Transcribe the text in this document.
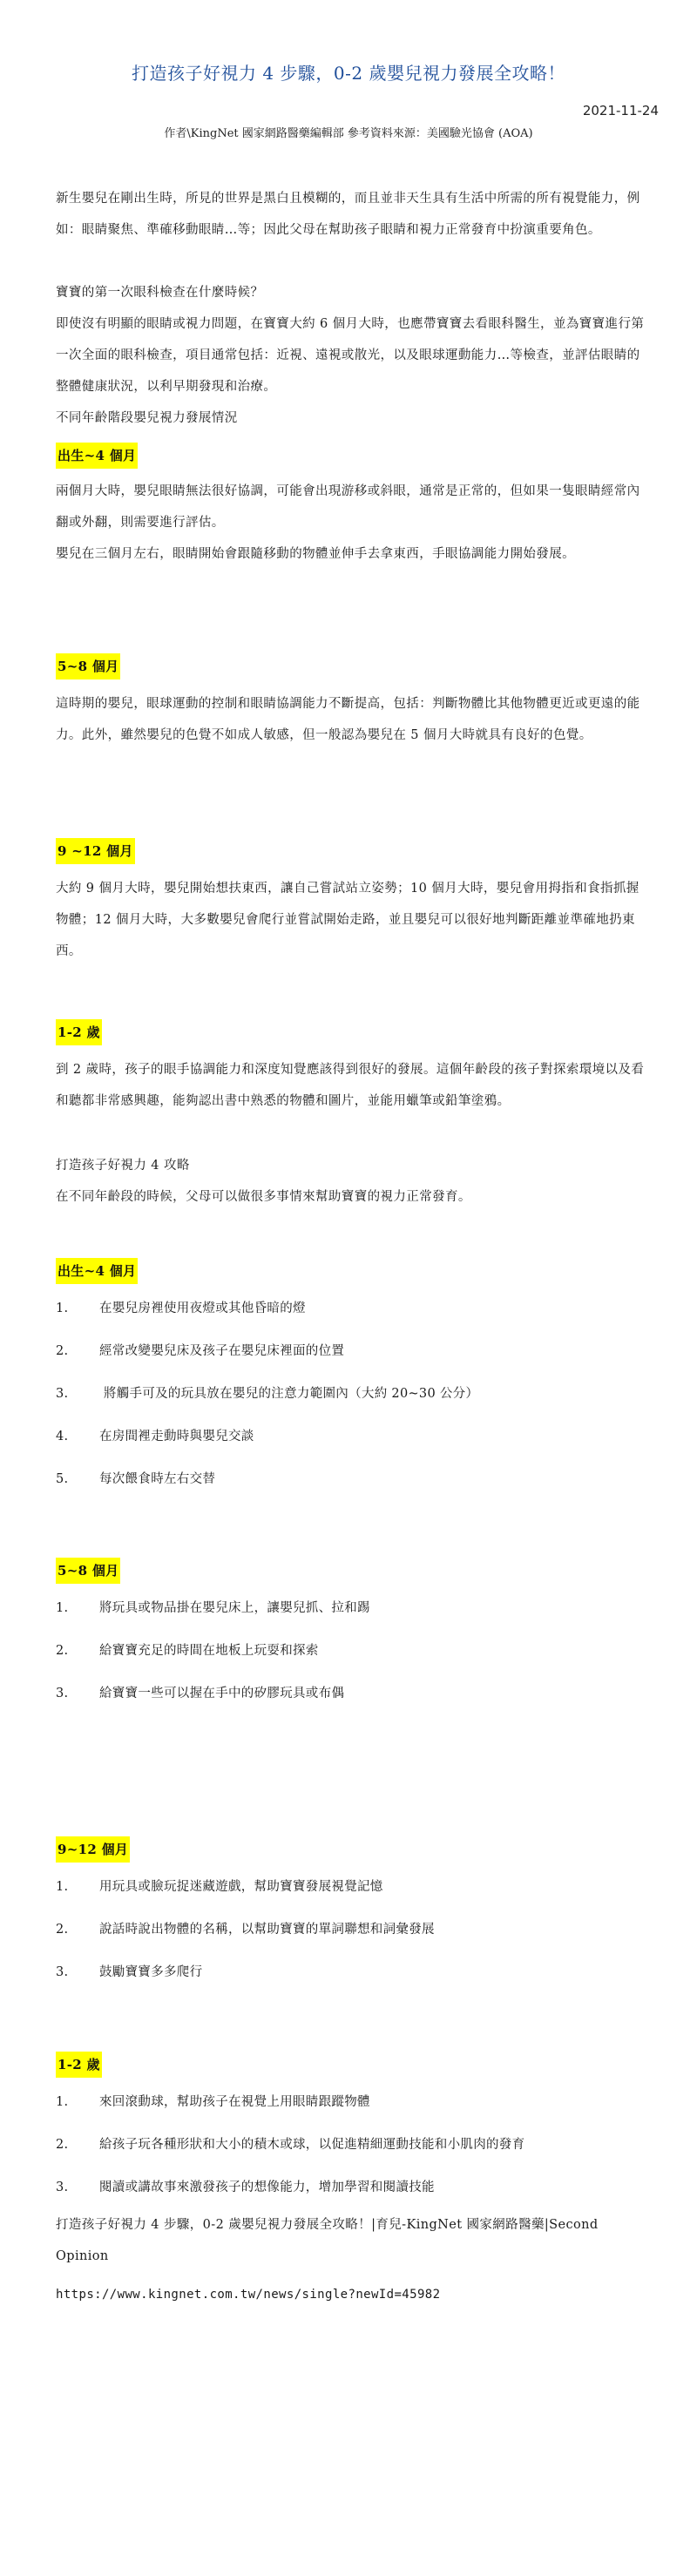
打造孩子好視力 4 步驟，0-2 歲嬰兒視力發展全攻略！
2021-11-24
作者\KingNet 國家網路醫藥編輯部 參考資料來源：美國驗光協會 (AOA)
新生嬰兒在剛出生時，所見的世界是黑白且模糊的，而且並非天生具有生活中所需的所有視覺能力，例如：眼睛聚焦、準確移動眼睛…等；因此父母在幫助孩子眼睛和視力正常發育中扮演重要角色。
寶寶的第一次眼科檢查在什麼時候？
即使沒有明顯的眼睛或視力問題，在寶寶大約 6 個月大時，也應帶寶寶去看眼科醫生，並為寶寶進行第一次全面的眼科檢查，項目通常包括：近視、遠視或散光，以及眼球運動能力…等檢查，並評估眼睛的整體健康狀況，以利早期發現和治療。
不同年齡階段嬰兒視力發展情況
出生~4 個月
兩個月大時，嬰兒眼睛無法很好協調，可能會出現游移或斜眼，通常是正常的，但如果一隻眼睛經常內翻或外翻，則需要進行評估。
嬰兒在三個月左右，眼睛開始會跟隨移動的物體並伸手去拿東西，手眼協調能力開始發展。
5~8 個月
這時期的嬰兒，眼球運動的控制和眼睛協調能力不斷提高，包括：判斷物體比其他物體更近或更遠的能力。此外，雖然嬰兒的色覺不如成人敏感，但一般認為嬰兒在 5 個月大時就具有良好的色覺。
9 ~12 個月
大約 9 個月大時，嬰兒開始想扶東西，讓自己嘗試站立姿勢；10 個月大時，嬰兒會用拇指和食指抓握物體；12 個月大時，大多數嬰兒會爬行並嘗試開始走路，並且嬰兒可以很好地判斷距離並準確地扔東西。
1-2 歲
到 2 歲時，孩子的眼手協調能力和深度知覺應該得到很好的發展。這個年齡段的孩子對探索環境以及看和聽都非常感興趣，能夠認出書中熟悉的物體和圖片，並能用蠟筆或鉛筆塗鴉。
打造孩子好視力 4 攻略
在不同年齡段的時候，父母可以做很多事情來幫助寶寶的視力正常發育。
出生~4 個月
1. 在嬰兒房裡使用夜燈或其他昏暗的燈
2. 經常改變嬰兒床及孩子在嬰兒床裡面的位置
3. 將觸手可及的玩具放在嬰兒的注意力範圍內（大約 20~30 公分）
4. 在房間裡走動時與嬰兒交談
5. 每次餵食時左右交替
5~8 個月
1. 將玩具或物品掛在嬰兒床上，讓嬰兒抓、拉和踢
2. 給寶寶充足的時間在地板上玩耍和探索
3. 給寶寶一些可以握在手中的矽膠玩具或布偶
9~12 個月
1. 用玩具或臉玩捉迷藏遊戲，幫助寶寶發展視覺記憶
2. 說話時說出物體的名稱，以幫助寶寶的單詞聯想和詞彙發展
3. 鼓勵寶寶多多爬行
1-2 歲
1. 來回滾動球，幫助孩子在視覺上用眼睛跟蹤物體
2. 給孩子玩各種形狀和大小的積木或球，以促進精細運動技能和小肌肉的發育
3. 閱讀或講故事來激發孩子的想像能力，增加學習和閱讀技能
打造孩子好視力 4 步驟，0-2 歲嬰兒視力發展全攻略！|育兒-KingNet 國家網路醫藥|Second Opinion
https://www.kingnet.com.tw/news/single?newId=45982
